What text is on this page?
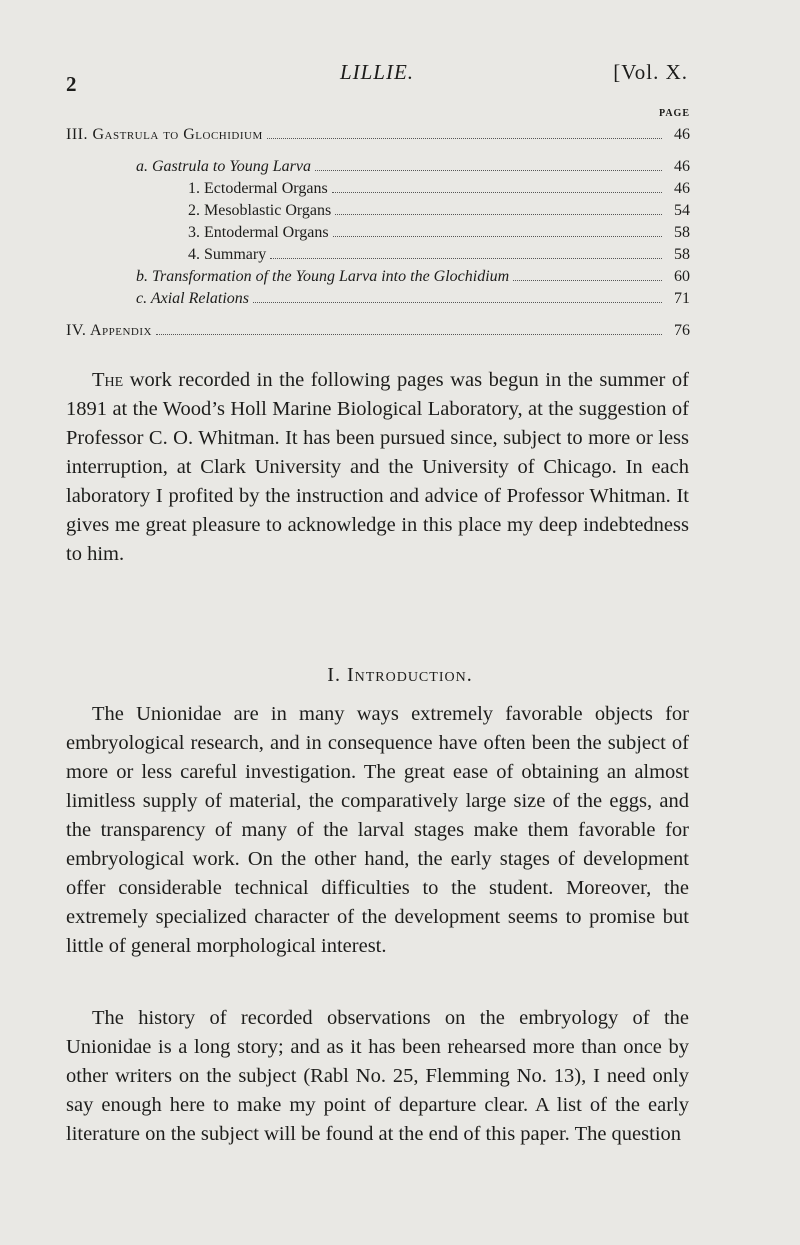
2	LILLIE.	[Vol. X.
PAGE
III. Gastrula to Glochidium	46
a. Gastrula to Young Larva	46
1. Ectodermal Organs	46
2. Mesoblastic Organs	54
3. Entodermal Organs	58
4. Summary	58
b. Transformation of the Young Larva into the Glochidium	60
c. Axial Relations	71
IV. Appendix	76

The work recorded in the following pages was begun in the summer of 1891 at the Wood’s Holl Marine Biological Laboratory, at the suggestion of Professor C. O. Whitman. It has been pursued since, subject to more or less interruption, at Clark University and the University of Chicago. In each laboratory I profited by the instruction and advice of Professor Whitman. It gives me great pleasure to acknowledge in this place my deep indebtedness to him.

I. Introduction.

The Unionidae are in many ways extremely favorable objects for embryological research, and in consequence have often been the subject of more or less careful investigation. The great ease of obtaining an almost limitless supply of material, the comparatively large size of the eggs, and the transparency of many of the larval stages make them favorable for embryological work. On the other hand, the early stages of development offer considerable technical difficulties to the student. Moreover, the extremely specialized character of the development seems to promise but little of general morphological interest.

The history of recorded observations on the embryology of the Unionidae is a long story; and as it has been rehearsed more than once by other writers on the subject (Rabl No. 25, Flemming No. 13), I need only say enough here to make my point of departure clear. A list of the early literature on the subject will be found at the end of this paper. The question
